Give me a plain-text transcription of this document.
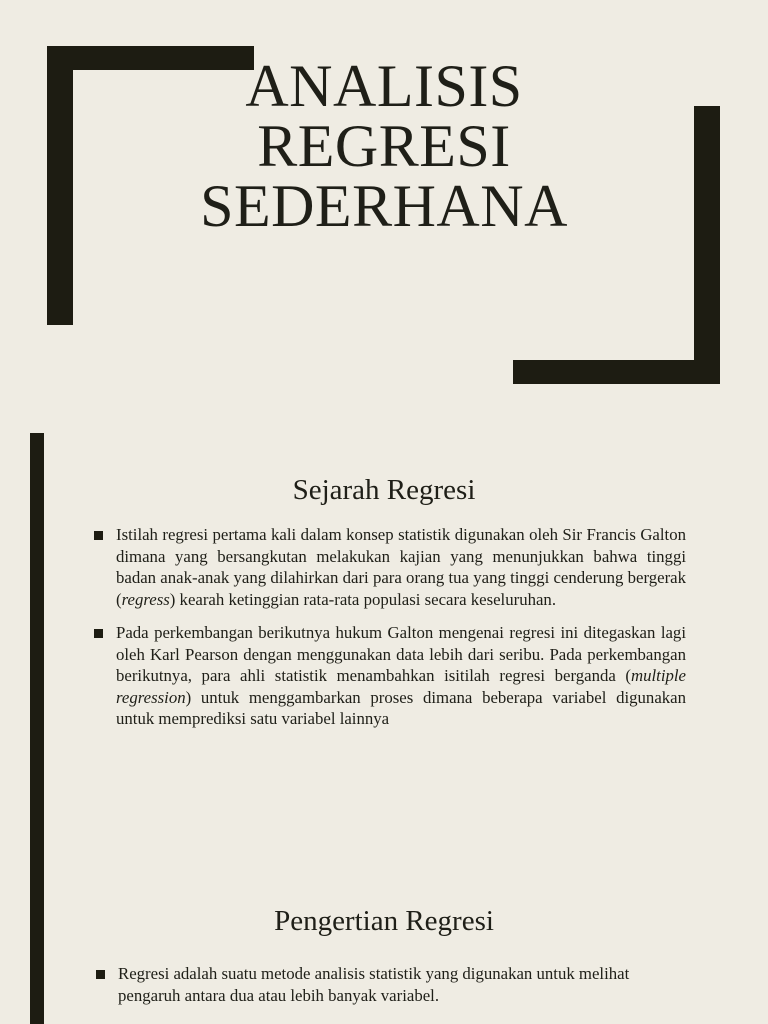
ANALISIS
REGRESI
SEDERHANA
Sejarah Regresi
Istilah regresi pertama kali dalam konsep statistik digunakan oleh Sir Francis Galton dimana yang bersangkutan melakukan kajian yang menunjukkan bahwa tinggi badan anak-anak yang dilahirkan dari para orang tua yang tinggi cenderung bergerak (regress) kearah ketinggian rata-rata populasi secara keseluruhan.
Pada perkembangan berikutnya hukum Galton mengenai regresi ini ditegaskan lagi oleh Karl Pearson dengan menggunakan data lebih dari seribu. Pada perkembangan berikutnya, para ahli statistik menambahkan isitilah regresi berganda (multiple regression) untuk menggambarkan proses dimana beberapa variabel digunakan untuk memprediksi satu variabel lainnya
Pengertian Regresi
Regresi adalah suatu metode analisis statistik yang digunakan untuk melihat pengaruh antara dua atau lebih banyak variabel.
